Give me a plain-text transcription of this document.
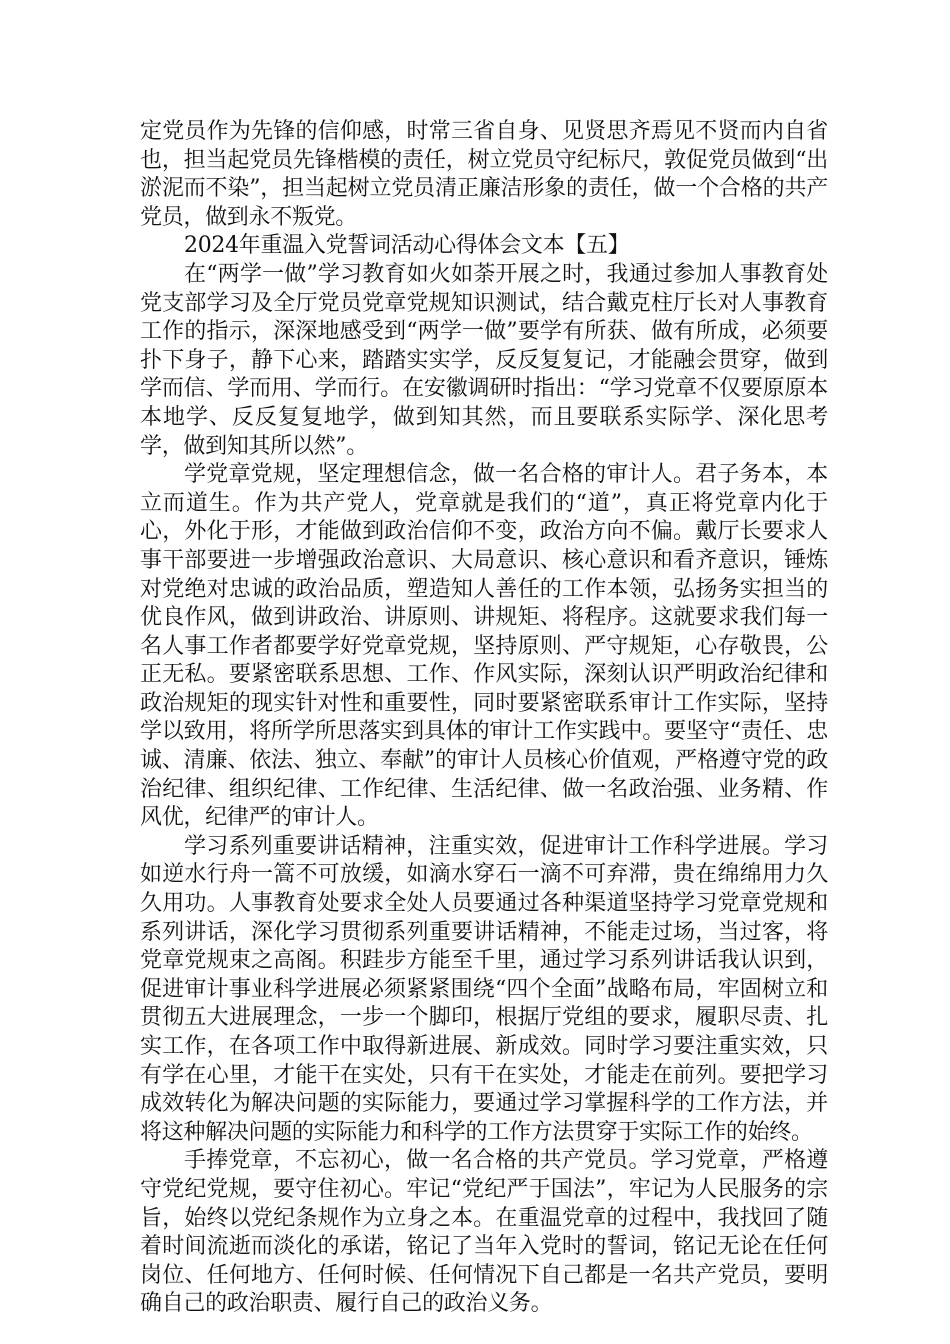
定党员作为先锋的信仰感，时常三省自身、见贤思齐焉见不贤而内自省也，担当起党员先锋楷模的责任，树立党员守纪标尺，敦促党员做到“出淤泥而不染”，担当起树立党员清正廉洁形象的责任，做一个合格的共产党员，做到永不叛党。

2024年重温入党誓词活动心得体会文本【五】

在“两学一做”学习教育如火如荼开展之时，我通过参加人事教育处党支部学习及全厅党员党章党规知识测试，结合戴克柱厅长对人事教育工作的指示，深深地感受到“两学一做”要学有所获、做有所成，必须要扑下身子，静下心来，踏踏实实学，反反复复记，才能融会贯穿，做到学而信、学而用、学而行。在安徽调研时指出：“学习党章不仅要原原本本地学、反反复复地学，做到知其然，而且要联系实际学、深化思考学，做到知其所以然”。

学党章党规，坚定理想信念，做一名合格的审计人。君子务本，本立而道生。作为共产党人，党章就是我们的“道”，真正将党章内化于心，外化于形，才能做到政治信仰不变，政治方向不偏。戴厅长要求人事干部要进一步增强政治意识、大局意识、核心意识和看齐意识，锤炼对党绝对忠诚的政治品质，塑造知人善任的工作本领，弘扬务实担当的优良作风，做到讲政治、讲原则、讲规矩、将程序。这就要求我们每一名人事工作者都要学好党章党规，坚持原则、严守规矩，心存敬畏，公正无私。要紧密联系思想、工作、作风实际，深刻认识严明政治纪律和政治规矩的现实针对性和重要性，同时要紧密联系审计工作实际，坚持学以致用，将所学所思落实到具体的审计工作实践中。要坚守“责任、忠诚、清廉、依法、独立、奉献”的审计人员核心价值观，严格遵守党的政治纪律、组织纪律、工作纪律、生活纪律、做一名政治强、业务精、作风优，纪律严的审计人。

学习系列重要讲话精神，注重实效，促进审计工作科学进展。学习如逆水行舟一篙不可放缓，如滴水穿石一滴不可弃滞，贵在绵绵用力久久用功。人事教育处要求全处人员要通过各种渠道坚持学习党章党规和系列讲话，深化学习贯彻系列重要讲话精神，不能走过场，当过客，将党章党规束之高阁。积跬步方能至千里，通过学习系列讲话我认识到，促进审计事业科学进展必须紧紧围绕“四个全面”战略布局，牢固树立和贯彻五大进展理念，一步一个脚印，根据厅党组的要求，履职尽责、扎实工作，在各项工作中取得新进展、新成效。同时学习要注重实效，只有学在心里，才能干在实处，只有干在实处，才能走在前列。要把学习成效转化为解决问题的实际能力，要通过学习掌握科学的工作方法，并将这种解决问题的实际能力和科学的工作方法贯穿于实际工作的始终。

手捧党章，不忘初心，做一名合格的共产党员。学习党章，严格遵守党纪党规，要守住初心。牢记“党纪严于国法”，牢记为人民服务的宗旨，始终以党纪条规作为立身之本。在重温党章的过程中，我找回了随着时间流逝而淡化的承诺，铭记了当年入党时的誓词，铭记无论在任何岗位、任何地方、任何时候、任何情况下自己都是一名共产党员，要明确自己的政治职责、履行自己的政治义务。
